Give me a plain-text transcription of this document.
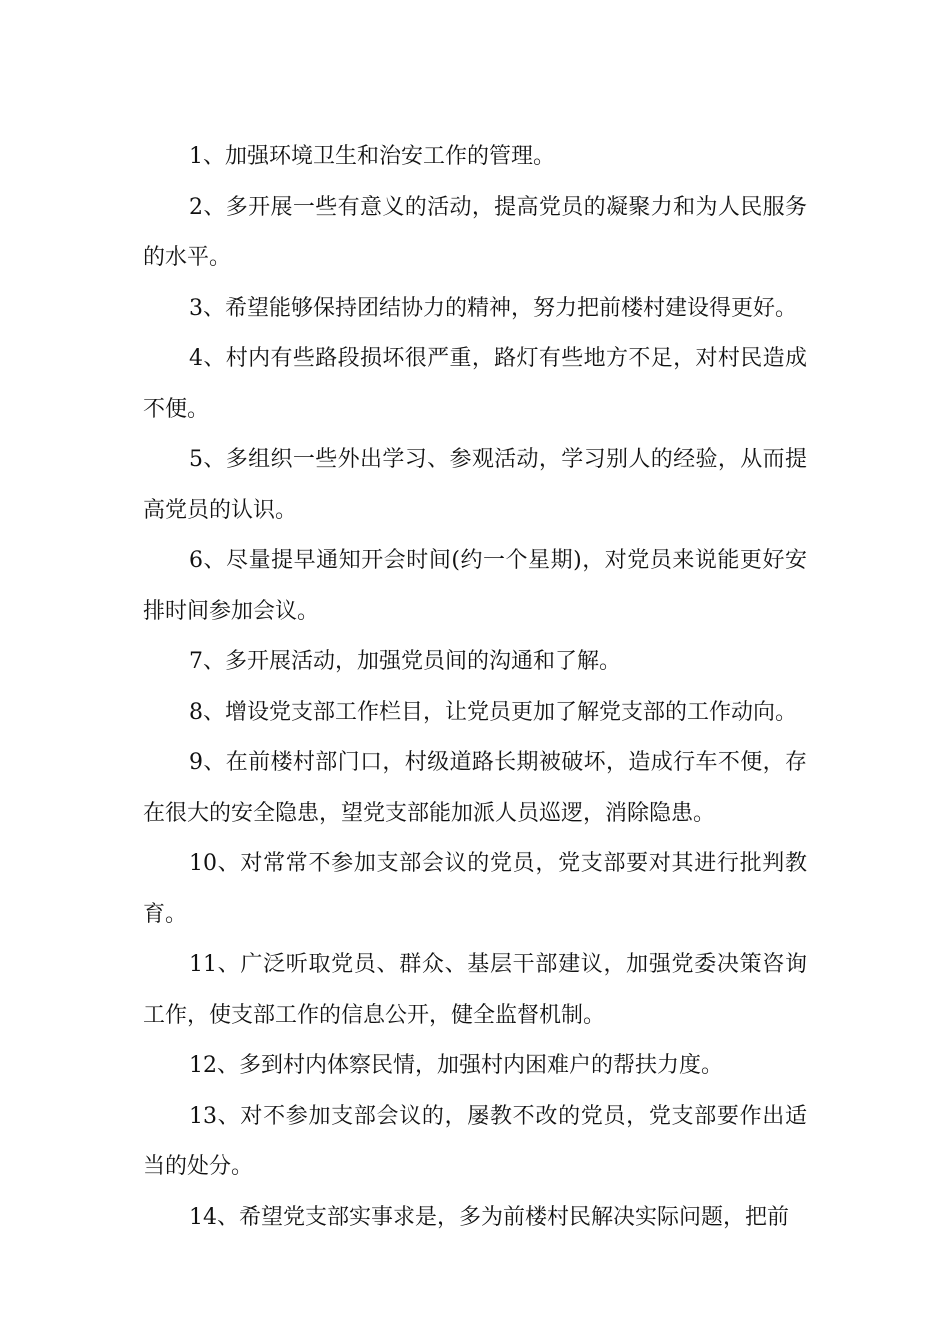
1、加强环境卫生和治安工作的管理。

2、多开展一些有意义的活动，提高党员的凝聚力和为人民服务的水平。

3、希望能够保持团结协力的精神，努力把前楼村建设得更好。

4、村内有些路段损坏很严重，路灯有些地方不足，对村民造成不便。

5、多组织一些外出学习、参观活动，学习别人的经验，从而提高党员的认识。

6、尽量提早通知开会时间(约一个星期)，对党员来说能更好安排时间参加会议。

7、多开展活动，加强党员间的沟通和了解。

8、增设党支部工作栏目，让党员更加了解党支部的工作动向。

9、在前楼村部门口，村级道路长期被破坏，造成行车不便，存在很大的安全隐患，望党支部能加派人员巡逻，消除隐患。

10、对常常不参加支部会议的党员，党支部要对其进行批判教育。

11、广泛听取党员、群众、基层干部建议，加强党委决策咨询工作，使支部工作的信息公开，健全监督机制。

12、多到村内体察民情，加强村内困难户的帮扶力度。

13、对不参加支部会议的，屡教不改的党员，党支部要作出适当的处分。

14、希望党支部实事求是，多为前楼村民解决实际问题，把前
